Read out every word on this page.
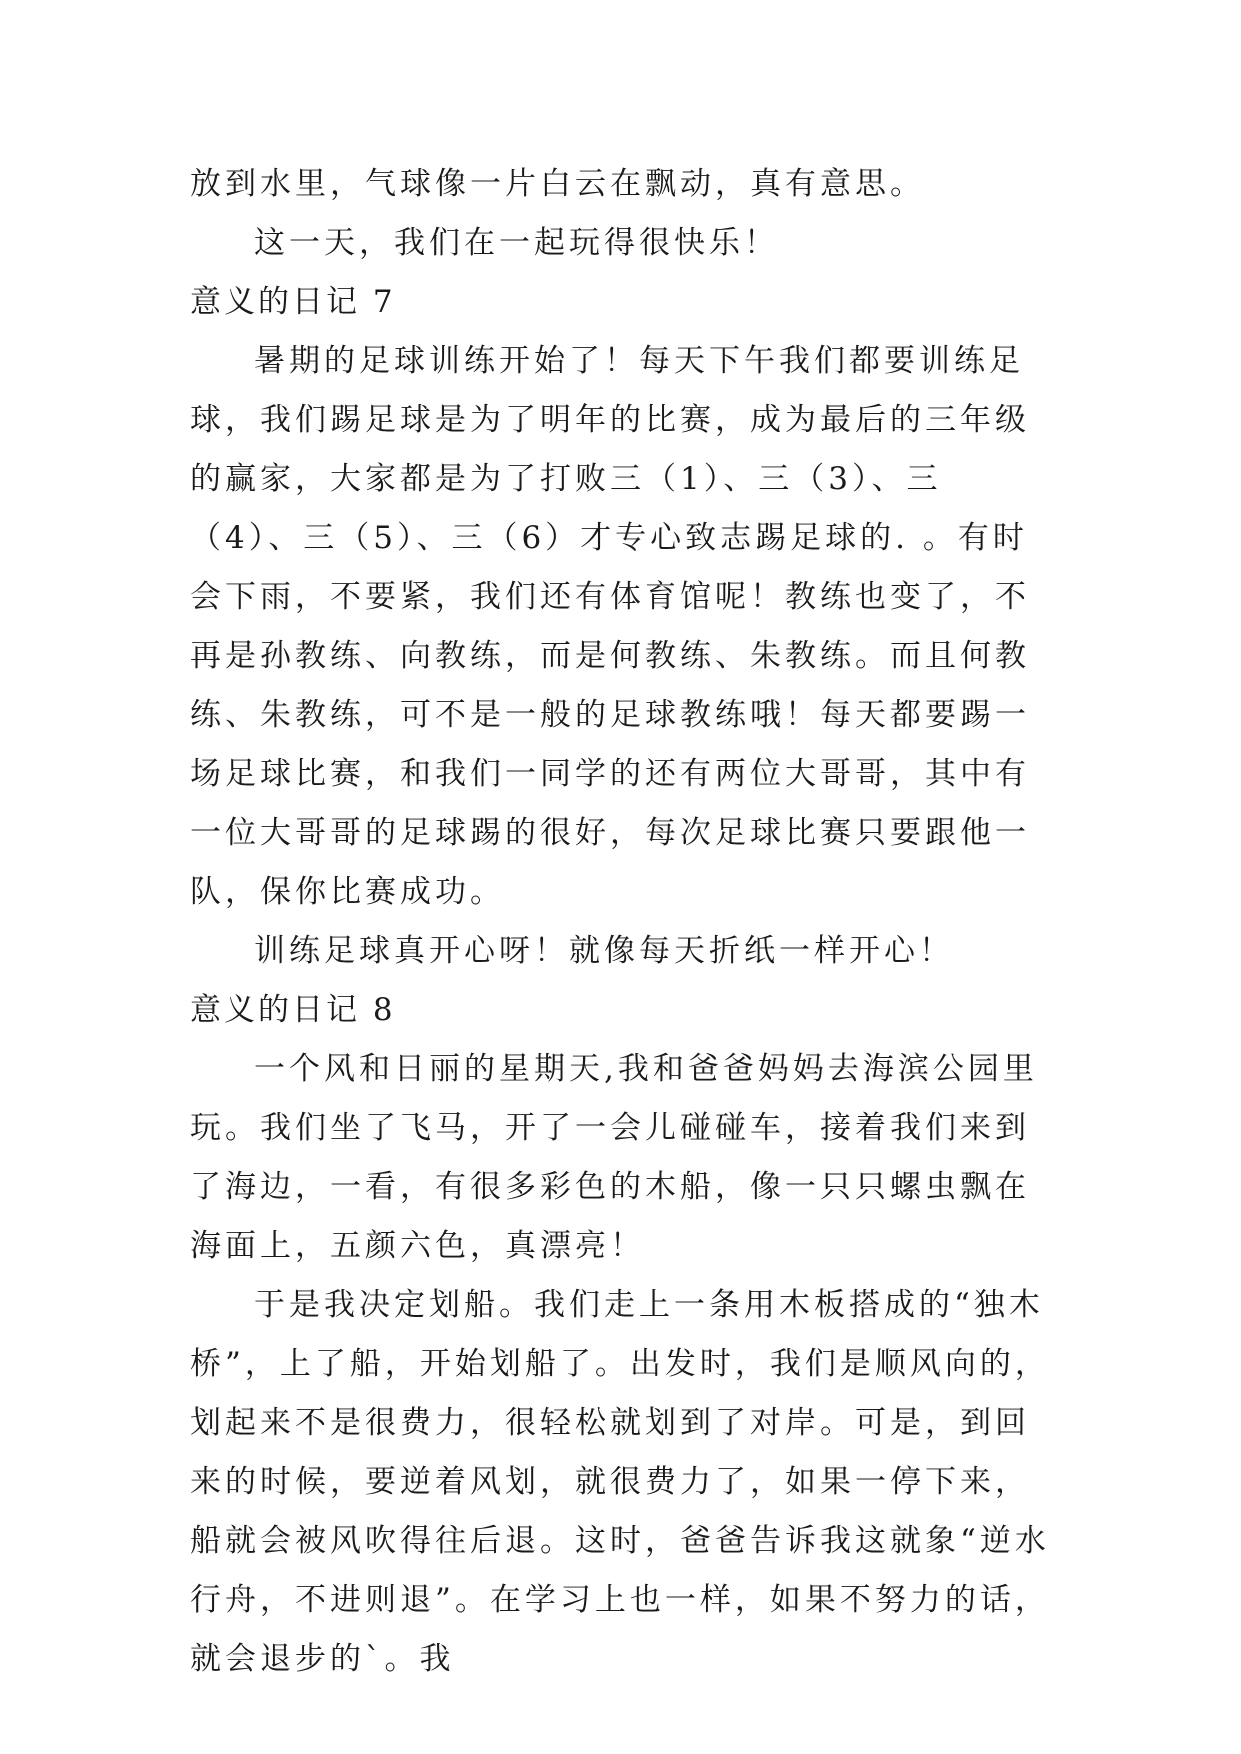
放到水里，气球像一片白云在飘动，真有意思。

这一天，我们在一起玩得很快乐！

意义的日记 7

暑期的足球训练开始了！每天下午我们都要训练足球，我们踢足球是为了明年的比赛，成为最后的三年级的赢家，大家都是为了打败三（1）、三（3）、三（4）、三（5）、三（6）才专心致志踢足球的. 。有时会下雨，不要紧，我们还有体育馆呢！教练也变了，不再是孙教练、向教练，而是何教练、朱教练。而且何教练、朱教练，可不是一般的足球教练哦！每天都要踢一场足球比赛，和我们一同学的还有两位大哥哥，其中有一位大哥哥的足球踢的很好，每次足球比赛只要跟他一队，保你比赛成功。

训练足球真开心呀！就像每天折纸一样开心！

意义的日记 8

一个风和日丽的星期天,我和爸爸妈妈去海滨公园里玩。我们坐了飞马，开了一会儿碰碰车，接着我们来到了海边，一看，有很多彩色的木船，像一只只螺虫飘在海面上，五颜六色，真漂亮！

于是我决定划船。我们走上一条用木板搭成的“独木桥”，上了船，开始划船了。出发时，我们是顺风向的，划起来不是很费力，很轻松就划到了对岸。可是，到回来的时候，要逆着风划，就很费力了，如果一停下来，船就会被风吹得往后退。这时，爸爸告诉我这就象“逆水行舟，不进则退”。在学习上也一样，如果不努力的话，就会退步的`。我
